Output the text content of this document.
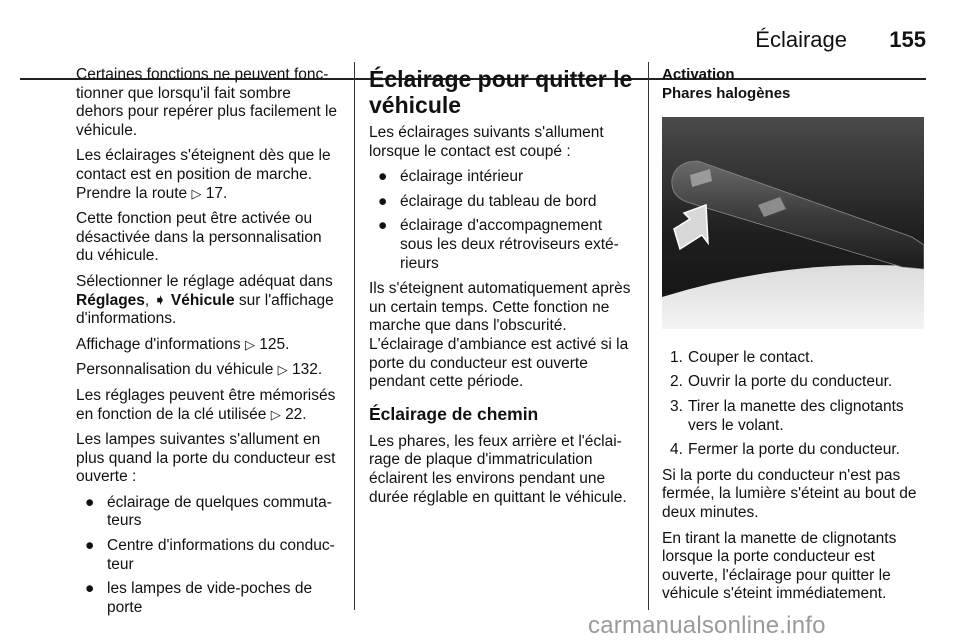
Éclairage 155

Certaines fonctions ne peuvent fonctionner que lorsqu'il fait sombre dehors pour repérer plus facilement le véhicule.

Les éclairages s'éteignent dès que le contact est en position de marche. Prendre la route ▷ 17.

Cette fonction peut être activée ou désactivée dans la personnalisation du véhicule.

Sélectionner le réglage adéquat dans Réglages, ➧ Véhicule sur l'affichage d'informations.

Affichage d'informations ▷ 125.

Personnalisation du véhicule ▷ 132.

Les réglages peuvent être mémorisés en fonction de la clé utilisée ▷ 22.

Les lampes suivantes s'allument en plus quand la porte du conducteur est ouverte :

● éclairage de quelques commutateurs
● Centre d'informations du conducteur
● les lampes de vide-poches de porte
Éclairage pour quitter le véhicule

Les éclairages suivants s'allument lorsque le contact est coupé :

● éclairage intérieur
● éclairage du tableau de bord
● éclairage d'accompagnement sous les deux rétroviseurs extérieurs

Ils s'éteignent automatiquement après un certain temps. Cette fonction ne marche que dans l'obscurité. L'éclairage d'ambiance est activé si la porte du conducteur est ouverte pendant cette période.

Éclairage de chemin

Les phares, les feux arrière et l'éclairage de plaque d'immatriculation éclairent les environs pendant une durée réglable en quittant le véhicule.

Activation
Phares halogènes
1. Couper le contact.
2. Ouvrir la porte du conducteur.
3. Tirer la manette des clignotants vers le volant.
4. Fermer la porte du conducteur.

Si la porte du conducteur n'est pas fermée, la lumière s'éteint au bout de deux minutes.

En tirant la manette de clignotants lorsque la porte conducteur est ouverte, l'éclairage pour quitter le véhicule s'éteint immédiatement.

carmanualsonline.info
